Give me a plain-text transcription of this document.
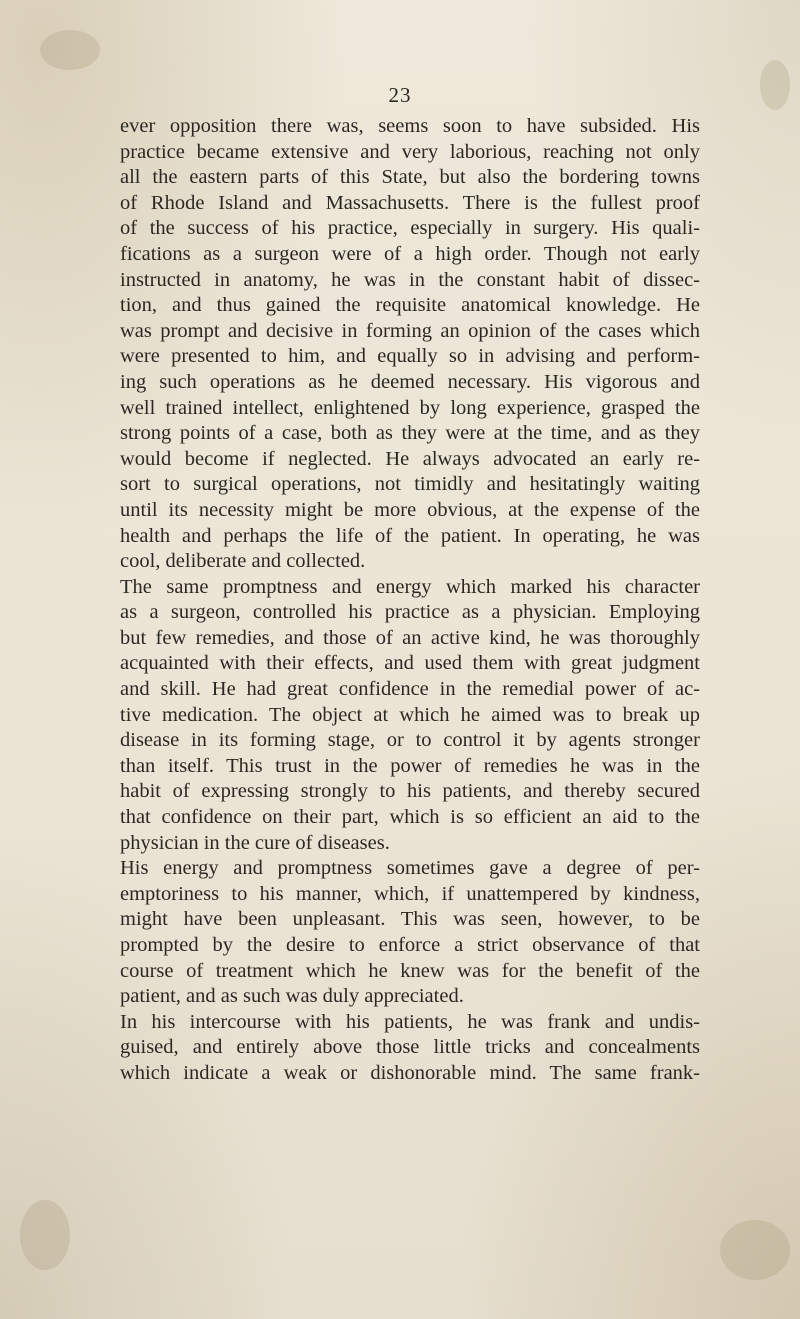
23
ever opposition there was, seems soon to have subsided. His
practice became extensive and very laborious, reaching not only
all the eastern parts of this State, but also the bordering towns
of Rhode Island and Massachusetts. There is the fullest proof
of the success of his practice, especially in surgery. His quali-
fications as a surgeon were of a high order. Though not early
instructed in anatomy, he was in the constant habit of dissec-
tion, and thus gained the requisite anatomical knowledge. He
was prompt and decisive in forming an opinion of the cases which
were presented to him, and equally so in advising and perform-
ing such operations as he deemed necessary. His vigorous and
well trained intellect, enlightened by long experience, grasped the
strong points of a case, both as they were at the time, and as they
would become if neglected. He always advocated an early re-
sort to surgical operations, not timidly and hesitatingly waiting
until its necessity might be more obvious, at the expense of the
health and perhaps the life of the patient. In operating, he was
cool, deliberate and collected.
The same promptness and energy which marked his character
as a surgeon, controlled his practice as a physician. Employing
but few remedies, and those of an active kind, he was thoroughly
acquainted with their effects, and used them with great judgment
and skill. He had great confidence in the remedial power of ac-
tive medication. The object at which he aimed was to break up
disease in its forming stage, or to control it by agents stronger
than itself. This trust in the power of remedies he was in the
habit of expressing strongly to his patients, and thereby secured
that confidence on their part, which is so efficient an aid to the
physician in the cure of diseases.
His energy and promptness sometimes gave a degree of per-
emptoriness to his manner, which, if unattempered by kindness,
might have been unpleasant. This was seen, however, to be
prompted by the desire to enforce a strict observance of that
course of treatment which he knew was for the benefit of the
patient, and as such was duly appreciated.
In his intercourse with his patients, he was frank and undis-
guised, and entirely above those little tricks and concealments
which indicate a weak or dishonorable mind. The same frank-
